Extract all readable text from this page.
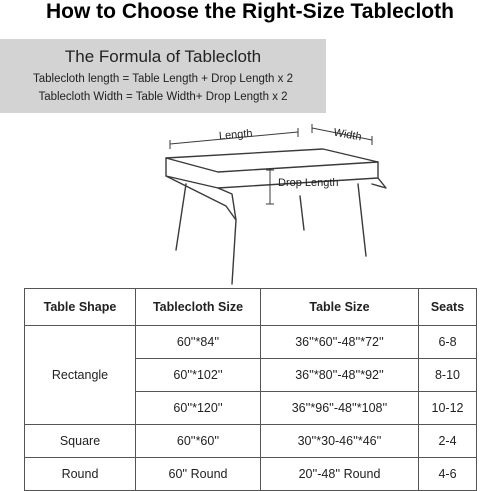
How to Choose the Right-Size Tablecloth
The Formula of Tablecloth
Tablecloth length = Table Length + Drop Length x 2
Tablecloth Width = Table Width+ Drop Length x 2
Length	Width
Drop Length
Table Shape	Tablecloth Size	Table Size	Seats
Rectangle	60''*84''	36''*60''-48''*72''	6-8
	60''*102''	36''*80''-48''*92''	8-10
	60''*120''	36''*96''-48''*108''	10-12
Square	60''*60''	30''*30-46''*46''	2-4
Round	60'' Round	20''-48'' Round	4-6
